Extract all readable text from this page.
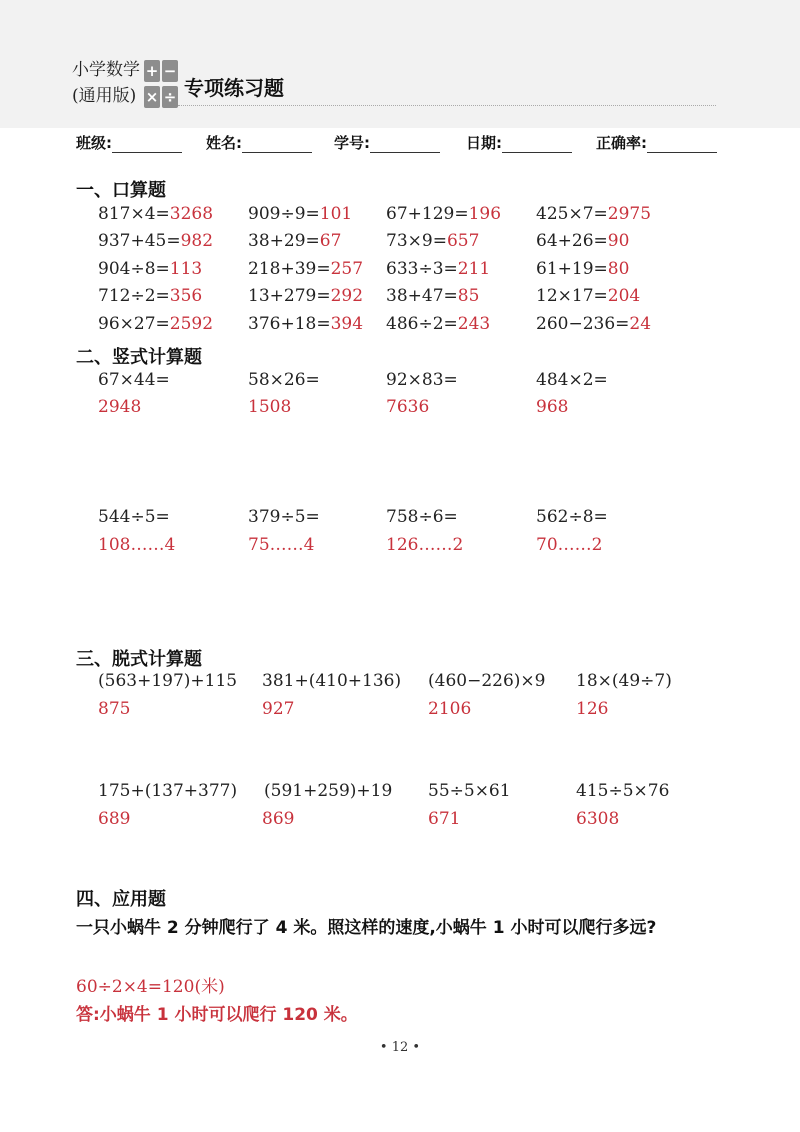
小学数学
(通用版)
+ −
× ÷ 专项练习题
班级:	姓名:	学号:	日期:	正确率:
一、口算题
817×4=3268 909÷9=101 67+129=196 425×7=2975
937+45=982 38+29=67	73×9=657	64+26=90
904÷8=113	218+39=257 633÷3=211	61+19=80
712÷2=356	13+279=292 38+47=85	12×17=204
96×27=2592 376+18=394 486÷2=243	260−236=24
二、竖式计算题
67×44=	58×26=	92×83=	484×2=
2948	1508	7636	968
544÷5=	379÷5=	758÷6=	562÷8=
108……4	75……4	126……2	70……2
三、脱式计算题
(563+197)+115 381+(410+136) (460−226)×9 18×(49÷7)
875	927	2106	126
175+(137+377) (591+259)+19 55÷5×61	415÷5×76
689	869	671	6308
四、应用题
一只小蜗牛 2 分钟爬行了 4 米。照这样的速度,小蜗牛 1 小时可以爬行多远?
60÷2×4=120(米)
答:小蜗牛 1 小时可以爬行 120 米。
• 12 •
